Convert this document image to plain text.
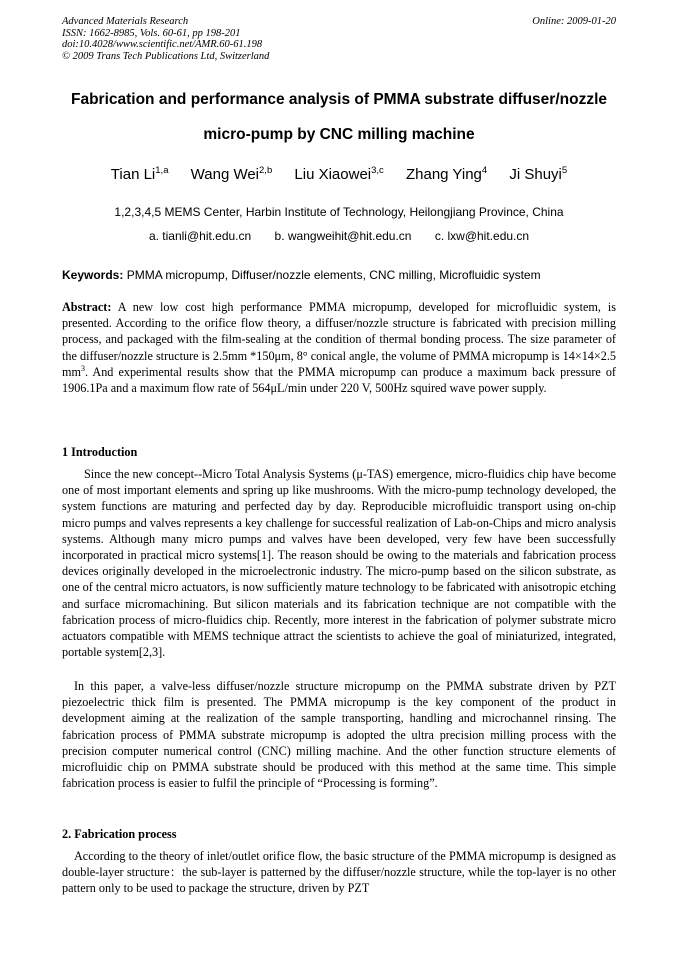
Advanced Materials Research
ISSN: 1662-8985, Vols. 60-61, pp 198-201
doi:10.4028/www.scientific.net/AMR.60-61.198
© 2009 Trans Tech Publications Ltd, Switzerland
Online: 2009-01-20
Fabrication and performance analysis of PMMA substrate diffuser/nozzle
micro-pump by CNC milling machine
Tian Li$^{1,a}$ Wang Wei$^{2,b}$ Liu Xiaowei$^{3,c}$ Zhang Ying$^4$ Ji Shuyi$^5$
1,2,3,4,5 MEMS Center, Harbin Institute of Technology, Heilongjiang Province, China
a. tianli@hit.edu.cn b. wangweihit@hit.edu.cn c. lxw@hit.edu.cn
Keywords: PMMA micropump, Diffuser/nozzle elements, CNC milling, Microfluidic system

Abstract: A new low cost high performance PMMA micropump, developed for microfluidic system, is presented. According to the orifice flow theory, a diffuser/nozzle structure is fabricated with precision milling process, and packaged with the film-sealing at the condition of thermal bonding process. The size parameter of the diffuser/nozzle structure is 2.5mm *150μm, 8° conical angle, the volume of PMMA micropump is 14×14×2.5 $mm^3$. And experimental results show that the PMMA micropump can produce a maximum back pressure of 1906.1Pa and a maximum flow rate of 564μL/min under 220 V, 500Hz squired wave power supply.

1 Introduction

Since the new concept--Micro Total Analysis Systems (μ-TAS) emergence, micro-fluidics chip have become one of most important elements and spring up like mushrooms. With the micro-pump technology developed, the system functions are maturing and perfected day by day. Reproducible microfluidic transport using on-chip micro pumps and valves represents a key challenge for successful realization of Lab-on-Chips and micro analysis systems. Although many micro pumps and valves have been developed, very few have been successfully incorporated in practical micro systems[1]. The reason should be owing to the materials and fabrication process devices originally developed in the microelectronic industry. The micro-pump based on the silicon substrate, as one of the central micro actuators, is now sufficiently mature technology to be fabricated with anisotropic etching and surface micromachining. But silicon materials and its fabrication technique are not compatible with the fabrication process of micro-fluidics chip. Recently, more interest in the fabrication of polymer substrate micro actuators compatible with MEMS technique attract the scientists to achieve the goal of miniaturized, integrated, portable system[2,3].

In this paper, a valve-less diffuser/nozzle structure micropump on the PMMA substrate driven by PZT piezoelectric thick film is presented. The PMMA micropump is the key component of the product in development aiming at the realization of the sample transporting, handling and microchannel rinsing. The fabrication process of PMMA substrate micropump is adopted the ultra precision milling process with the precision computer numerical control (CNC) milling machine. And the other function structure elements of microfluidic chip on PMMA substrate should be produced with this method at the same time. This simple fabrication process is easier to fulfil the principle of “Processing is forming”.

2. Fabrication process

According to the theory of inlet/outlet orifice flow, the basic structure of the PMMA micropump is designed as double-layer structure：the sub-layer is patterned by the diffuser/nozzle structure, while the top-layer is no other pattern only to be used to package the structure, driven by PZT
